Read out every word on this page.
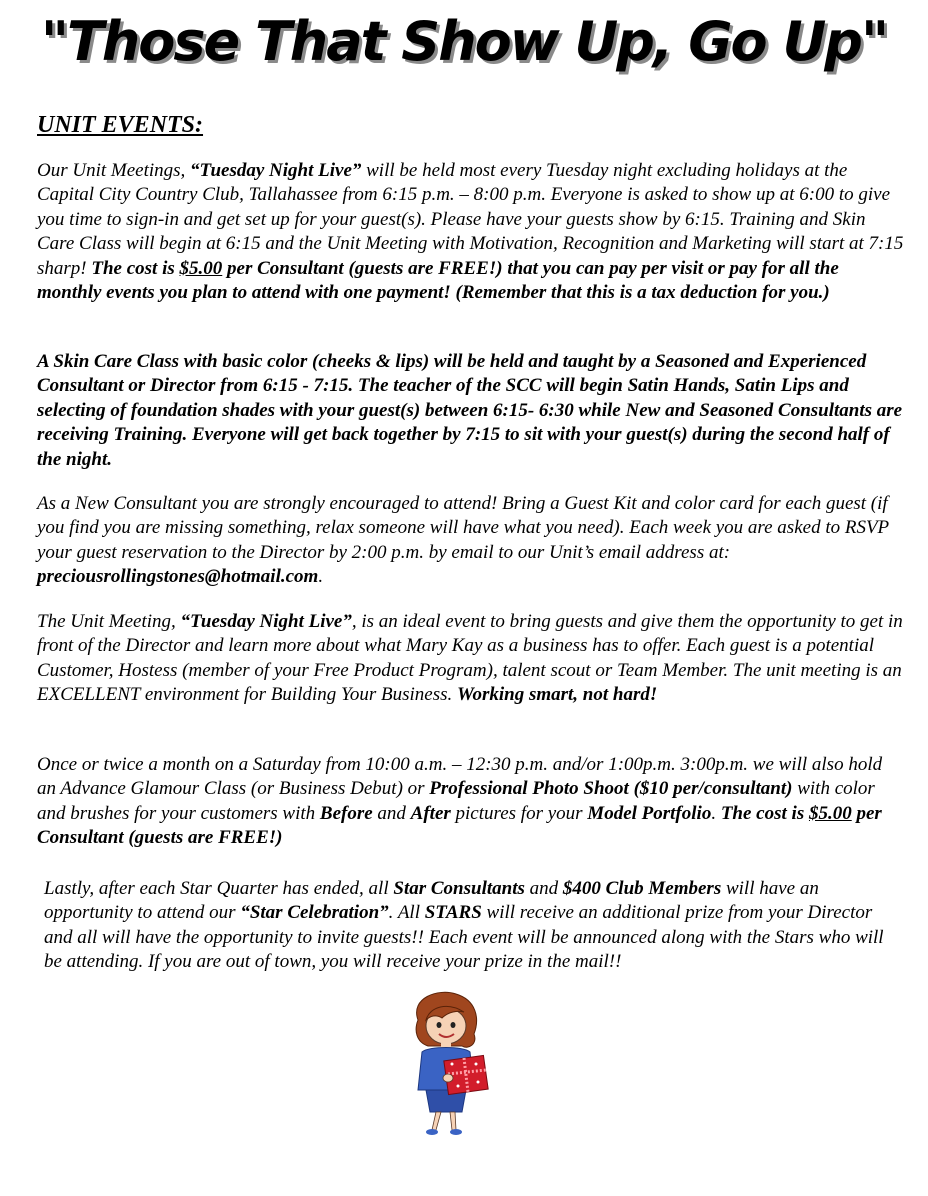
"Those That Show Up, Go Up"
UNIT EVENTS:

Our Unit Meetings, “Tuesday Night Live” will be held most every Tuesday night excluding holidays at the Capital City Country Club, Tallahassee from 6:15 p.m. – 8:00 p.m. Everyone is asked to show up at 6:00 to give you time to sign-in and get set up for your guest(s). Please have your guests show by 6:15. Training and Skin Care Class will begin at 6:15 and the Unit Meeting with Motivation, Recognition and Marketing will start at 7:15 sharp! The cost is $5.00 per Consultant (guests are FREE!) that you can pay per visit or pay for all the monthly events you plan to attend with one payment! (Remember that this is a tax deduction for you.)

A Skin Care Class with basic color (cheeks & lips) will be held and taught by a Seasoned and Experienced Consultant or Director from 6:15 - 7:15. The teacher of the SCC will begin Satin Hands, Satin Lips and selecting of foundation shades with your guest(s) between 6:15- 6:30 while New and Seasoned Consultants are receiving Training. Everyone will get back together by 7:15 to sit with your guest(s) during the second half of the night.

As a New Consultant you are strongly encouraged to attend! Bring a Guest Kit and color card for each guest (if you find you are missing something, relax someone will have what you need). Each week you are asked to RSVP your guest reservation to the Director by 2:00 p.m. by email to our Unit’s email address at: preciousrollingstones@hotmail.com.

The Unit Meeting, “Tuesday Night Live”, is an ideal event to bring guests and give them the opportunity to get in front of the Director and learn more about what Mary Kay as a business has to offer. Each guest is a potential Customer, Hostess (member of your Free Product Program), talent scout or Team Member. The unit meeting is an EXCELLENT environment for Building Your Business. Working smart, not hard!

Once or twice a month on a Saturday from 10:00 a.m. – 12:30 p.m. and/or 1:00p.m. 3:00p.m. we will also hold an Advance Glamour Class (or Business Debut) or Professional Photo Shoot ($10 per/consultant) with color and brushes for your customers with Before and After pictures for your Model Portfolio. The cost is $5.00 per Consultant (guests are FREE!)

Lastly, after each Star Quarter has ended, all Star Consultants and $400 Club Members will have an opportunity to attend our “Star Celebration”. All STARS will receive an additional prize from your Director and all will have the opportunity to invite guests!! Each event will be announced along with the Stars who will be attending. If you are out of town, you will receive your prize in the mail!!
